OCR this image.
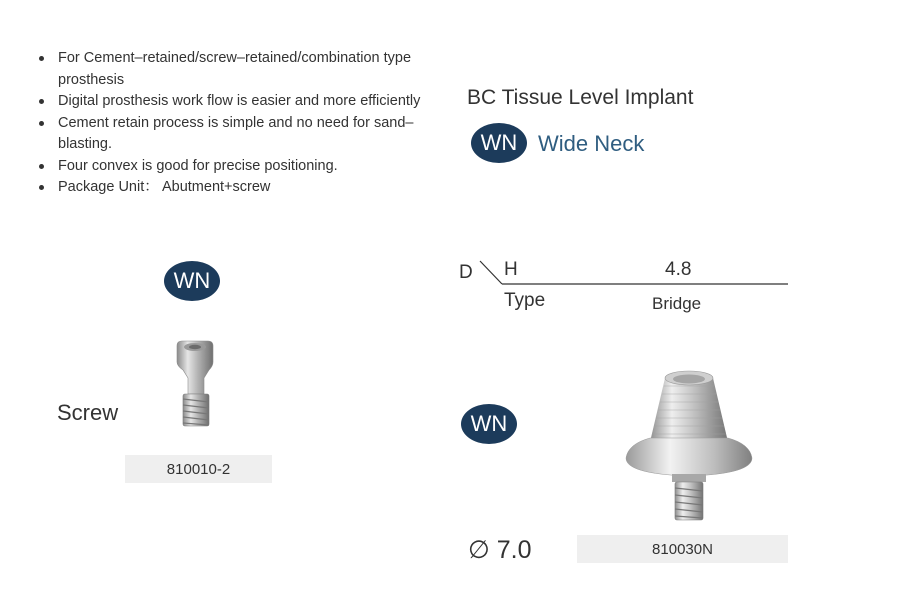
For Cement–retained/screw–retained/combination type prosthesis
Digital prosthesis work flow is easier and more efficiently
Cement retain process is simple and no need for sand–blasting.
Four convex is good for precise positioning.
Package Unit： Abutment+screw
BC Tissue Level Implant
WN Wide Neck
WN
Screw
810010-2
D H	4.8
Type	Bridge
WN
∅ 7.0	810030N
